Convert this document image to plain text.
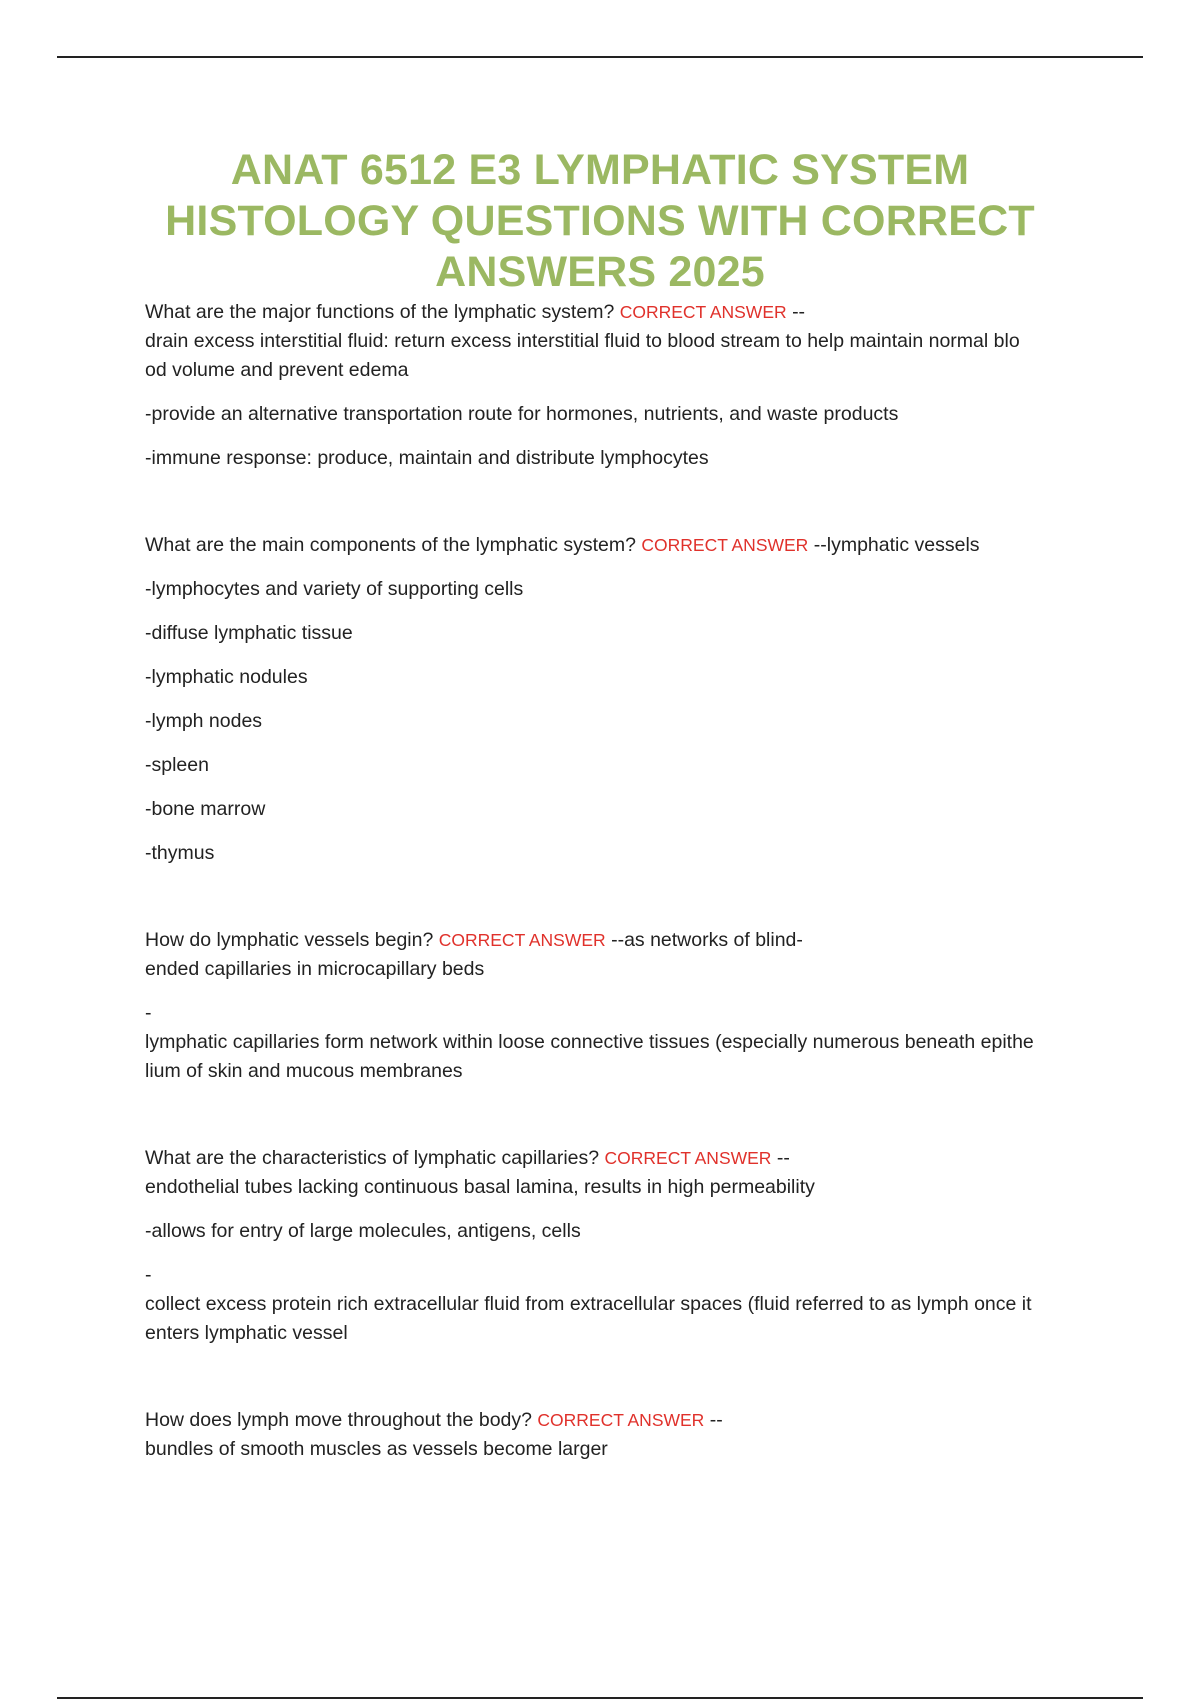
ANAT 6512 E3 LYMPHATIC SYSTEM
HISTOLOGY QUESTIONS WITH CORRECT
ANSWERS 2025

What are the major functions of the lymphatic system? CORRECT ANSWER --
drain excess interstitial fluid: return excess interstitial fluid to blood stream to help maintain normal blo
od volume and prevent edema

-provide an alternative transportation route for hormones, nutrients, and waste products

-immune response: produce, maintain and distribute lymphocytes

What are the main components of the lymphatic system? CORRECT ANSWER --lymphatic vessels

-lymphocytes and variety of supporting cells

-diffuse lymphatic tissue

-lymphatic nodules

-lymph nodes

-spleen

-bone marrow

-thymus

How do lymphatic vessels begin? CORRECT ANSWER --as networks of blind-
ended capillaries in microcapillary beds

-
lymphatic capillaries form network within loose connective tissues (especially numerous beneath epithe
lium of skin and mucous membranes

What are the characteristics of lymphatic capillaries? CORRECT ANSWER --
endothelial tubes lacking continuous basal lamina, results in high permeability

-allows for entry of large molecules, antigens, cells

-
collect excess protein rich extracellular fluid from extracellular spaces (fluid referred to as lymph once it
enters lymphatic vessel

How does lymph move throughout the body? CORRECT ANSWER --
bundles of smooth muscles as vessels become larger
